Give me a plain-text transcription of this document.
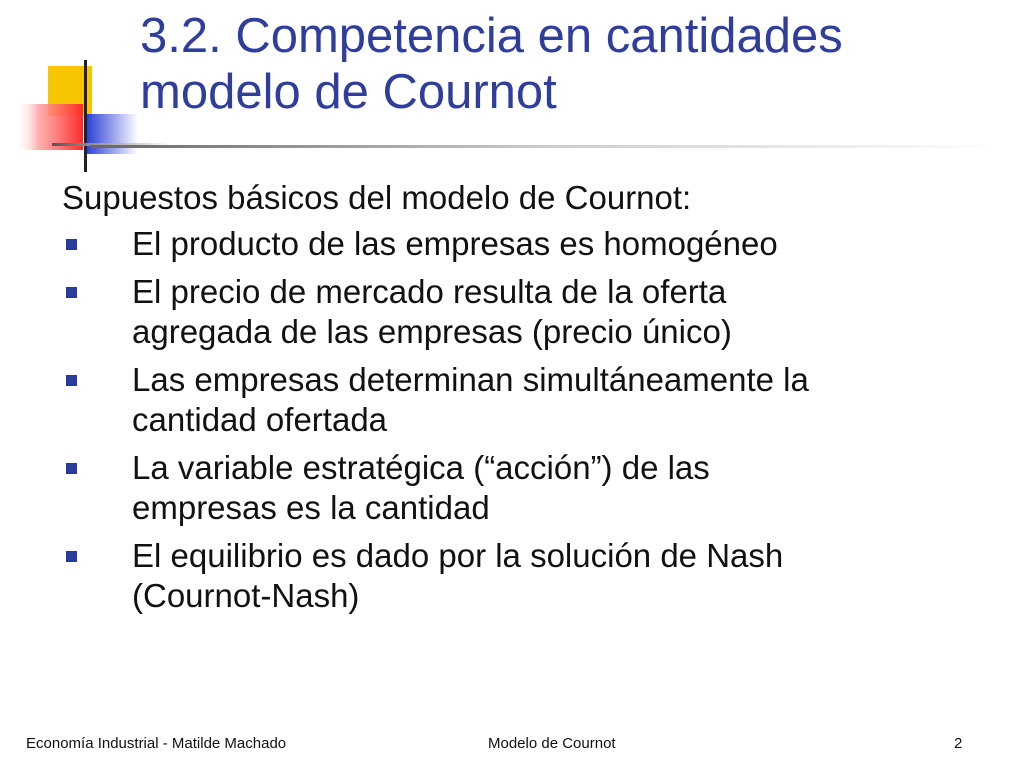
3.2. Competencia en cantidades
modelo de Cournot

Supuestos básicos del modelo de Cournot:

El producto de las empresas es homogéneo
El precio de mercado resulta de la oferta
agregada de las empresas (precio único)
Las empresas determinan simultáneamente la
cantidad ofertada
La variable estratégica (“acción”) de las
empresas es la cantidad
El equilibrio es dado por la solución de Nash
(Cournot-Nash)
Economía Industrial - Matilde Machado	Modelo de Cournot	2
